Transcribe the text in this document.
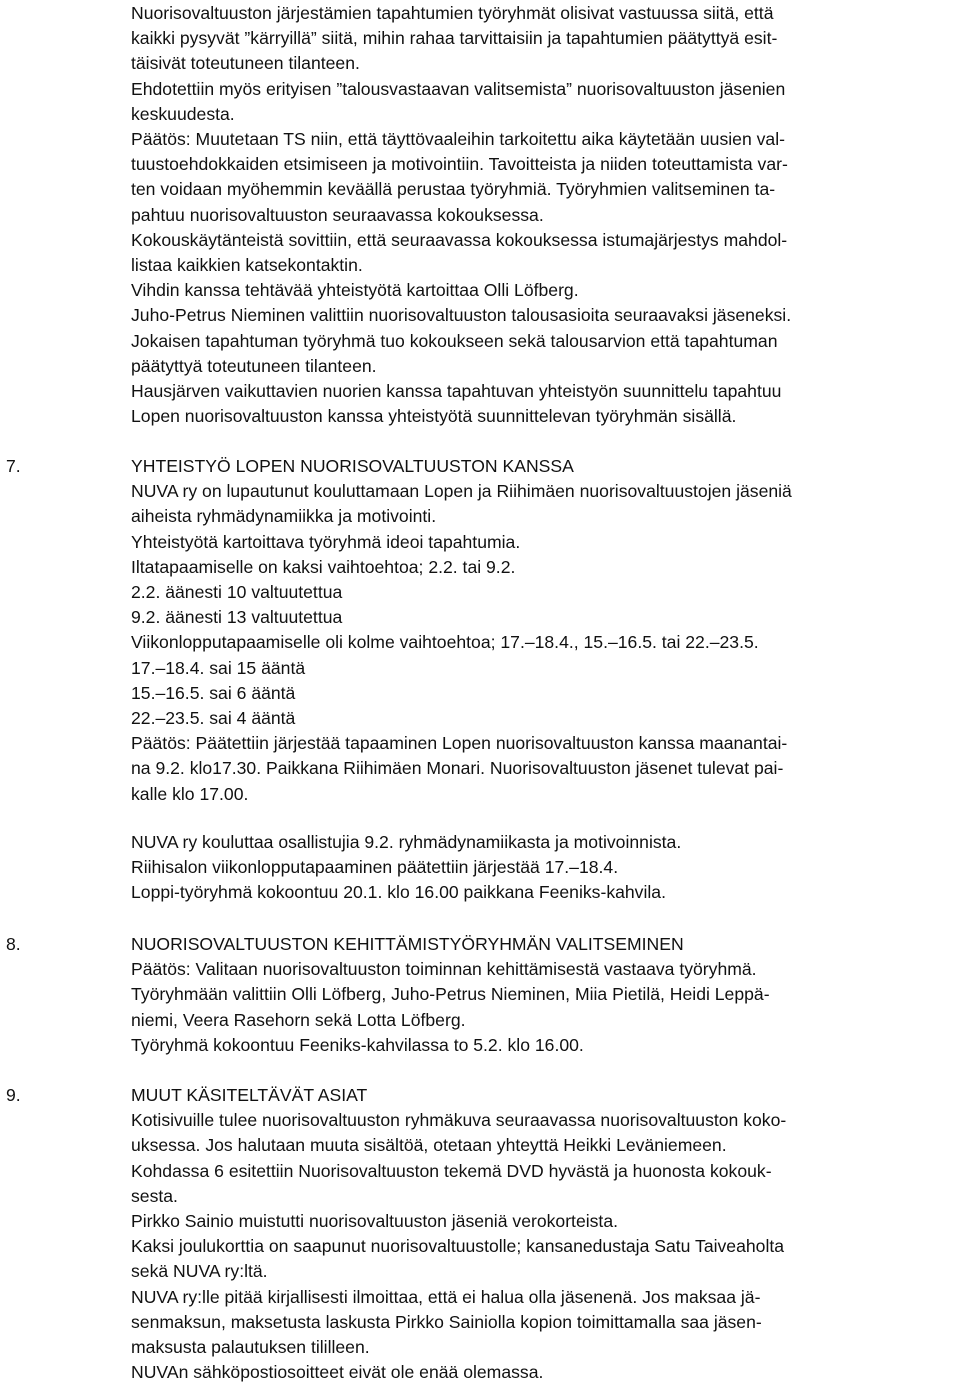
Nuorisovaltuuston järjestämien tapahtumien työryhmät olisivat vastuussa siitä, että

kaikki pysyvät ”kärryillä” siitä, mihin rahaa tarvittaisiin ja tapahtumien päätyttyä esit-

täisivät toteutuneen tilanteen.

Ehdotettiin myös erityisen ”talousvastaavan valitsemista” nuorisovaltuuston jäsenien

keskuudesta.

Päätös: Muutetaan TS niin, että täyttövaaleihin tarkoitettu aika käytetään uusien val-

tuustoehdokkaiden etsimiseen ja motivointiin. Tavoitteista ja niiden toteuttamista var-

ten voidaan myöhemmin keväällä perustaa työryhmiä. Työryhmien valitseminen ta-

pahtuu nuorisovaltuuston seuraavassa kokouksessa.

Kokouskäytänteistä sovittiin, että seuraavassa kokouksessa istumajärjestys mahdol-

listaa kaikkien katsekontaktin.

Vihdin kanssa tehtävää yhteistyötä kartoittaa Olli Löfberg.

Juho-Petrus Nieminen valittiin nuorisovaltuuston talousasioita seuraavaksi jäseneksi.

Jokaisen tapahtuman työryhmä tuo kokoukseen sekä talousarvion että tapahtuman

päätyttyä toteutuneen tilanteen.

Hausjärven vaikuttavien nuorien kanssa tapahtuvan yhteistyön suunnittelu tapahtuu

Lopen nuorisovaltuuston kanssa yhteistyötä suunnittelevan työryhmän sisällä.

7.	YHTEISTYÖ LOPEN NUORISOVALTUUSTON KANSSA

NUVA ry on lupautunut kouluttamaan Lopen ja Riihimäen nuorisovaltuustojen jäseniä

aiheista ryhmädynamiikka ja motivointi.

Yhteistyötä kartoittava työryhmä ideoi tapahtumia.

Iltatapaamiselle on kaksi vaihtoehtoa; 2.2. tai 9.2.

2.2. äänesti 10 valtuutettua

9.2. äänesti 13 valtuutettua

Viikonlopputapaamiselle oli kolme vaihtoehtoa; 17.–18.4., 15.–16.5. tai 22.–23.5.

17.–18.4. sai 15 ääntä

15.–16.5. sai 6 ääntä

22.–23.5. sai 4 ääntä

Päätös: Päätettiin järjestää tapaaminen Lopen nuorisovaltuuston kanssa maanantai-

na 9.2. klo17.30. Paikkana Riihimäen Monari. Nuorisovaltuuston jäsenet tulevat pai-

kalle klo 17.00.

NUVA ry kouluttaa osallistujia 9.2. ryhmädynamiikasta ja motivoinnista.

Riihisalon viikonlopputapaaminen päätettiin järjestää 17.–18.4.

Loppi-työryhmä kokoontuu 20.1. klo 16.00 paikkana Feeniks-kahvila.

8.	NUORISOVALTUUSTON KEHITTÄMISTYÖRYHMÄN VALITSEMINEN

Päätös: Valitaan nuorisovaltuuston toiminnan kehittämisestä vastaava työryhmä.

Työryhmään valittiin Olli Löfberg, Juho-Petrus Nieminen, Miia Pietilä, Heidi Leppä-

niemi, Veera Rasehorn sekä Lotta Löfberg.

Työryhmä kokoontuu Feeniks-kahvilassa to 5.2. klo 16.00.

9.	MUUT KÄSITELTÄVÄT ASIAT

Kotisivuille tulee nuorisovaltuuston ryhmäkuva seuraavassa nuorisovaltuuston koko-

uksessa. Jos halutaan muuta sisältöä, otetaan yhteyttä Heikki Leväniemeen.

Kohdassa 6 esitettiin Nuorisovaltuuston tekemä DVD hyvästä ja huonosta kokouk-

sesta.

Pirkko Sainio muistutti nuorisovaltuuston jäseniä verokorteista.

Kaksi joulukorttia on saapunut nuorisovaltuustolle; kansanedustaja Satu Taiveaholta

sekä NUVA ry:ltä.

NUVA ry:lle pitää kirjallisesti ilmoittaa, että ei halua olla jäsenenä. Jos maksaa jä-

senmaksun, maksetusta laskusta Pirkko Sainiolla kopion toimittamalla saa jäsen-

maksusta palautuksen tililleen.

NUVAn sähköpostiosoitteet eivät ole enää olemassa.
